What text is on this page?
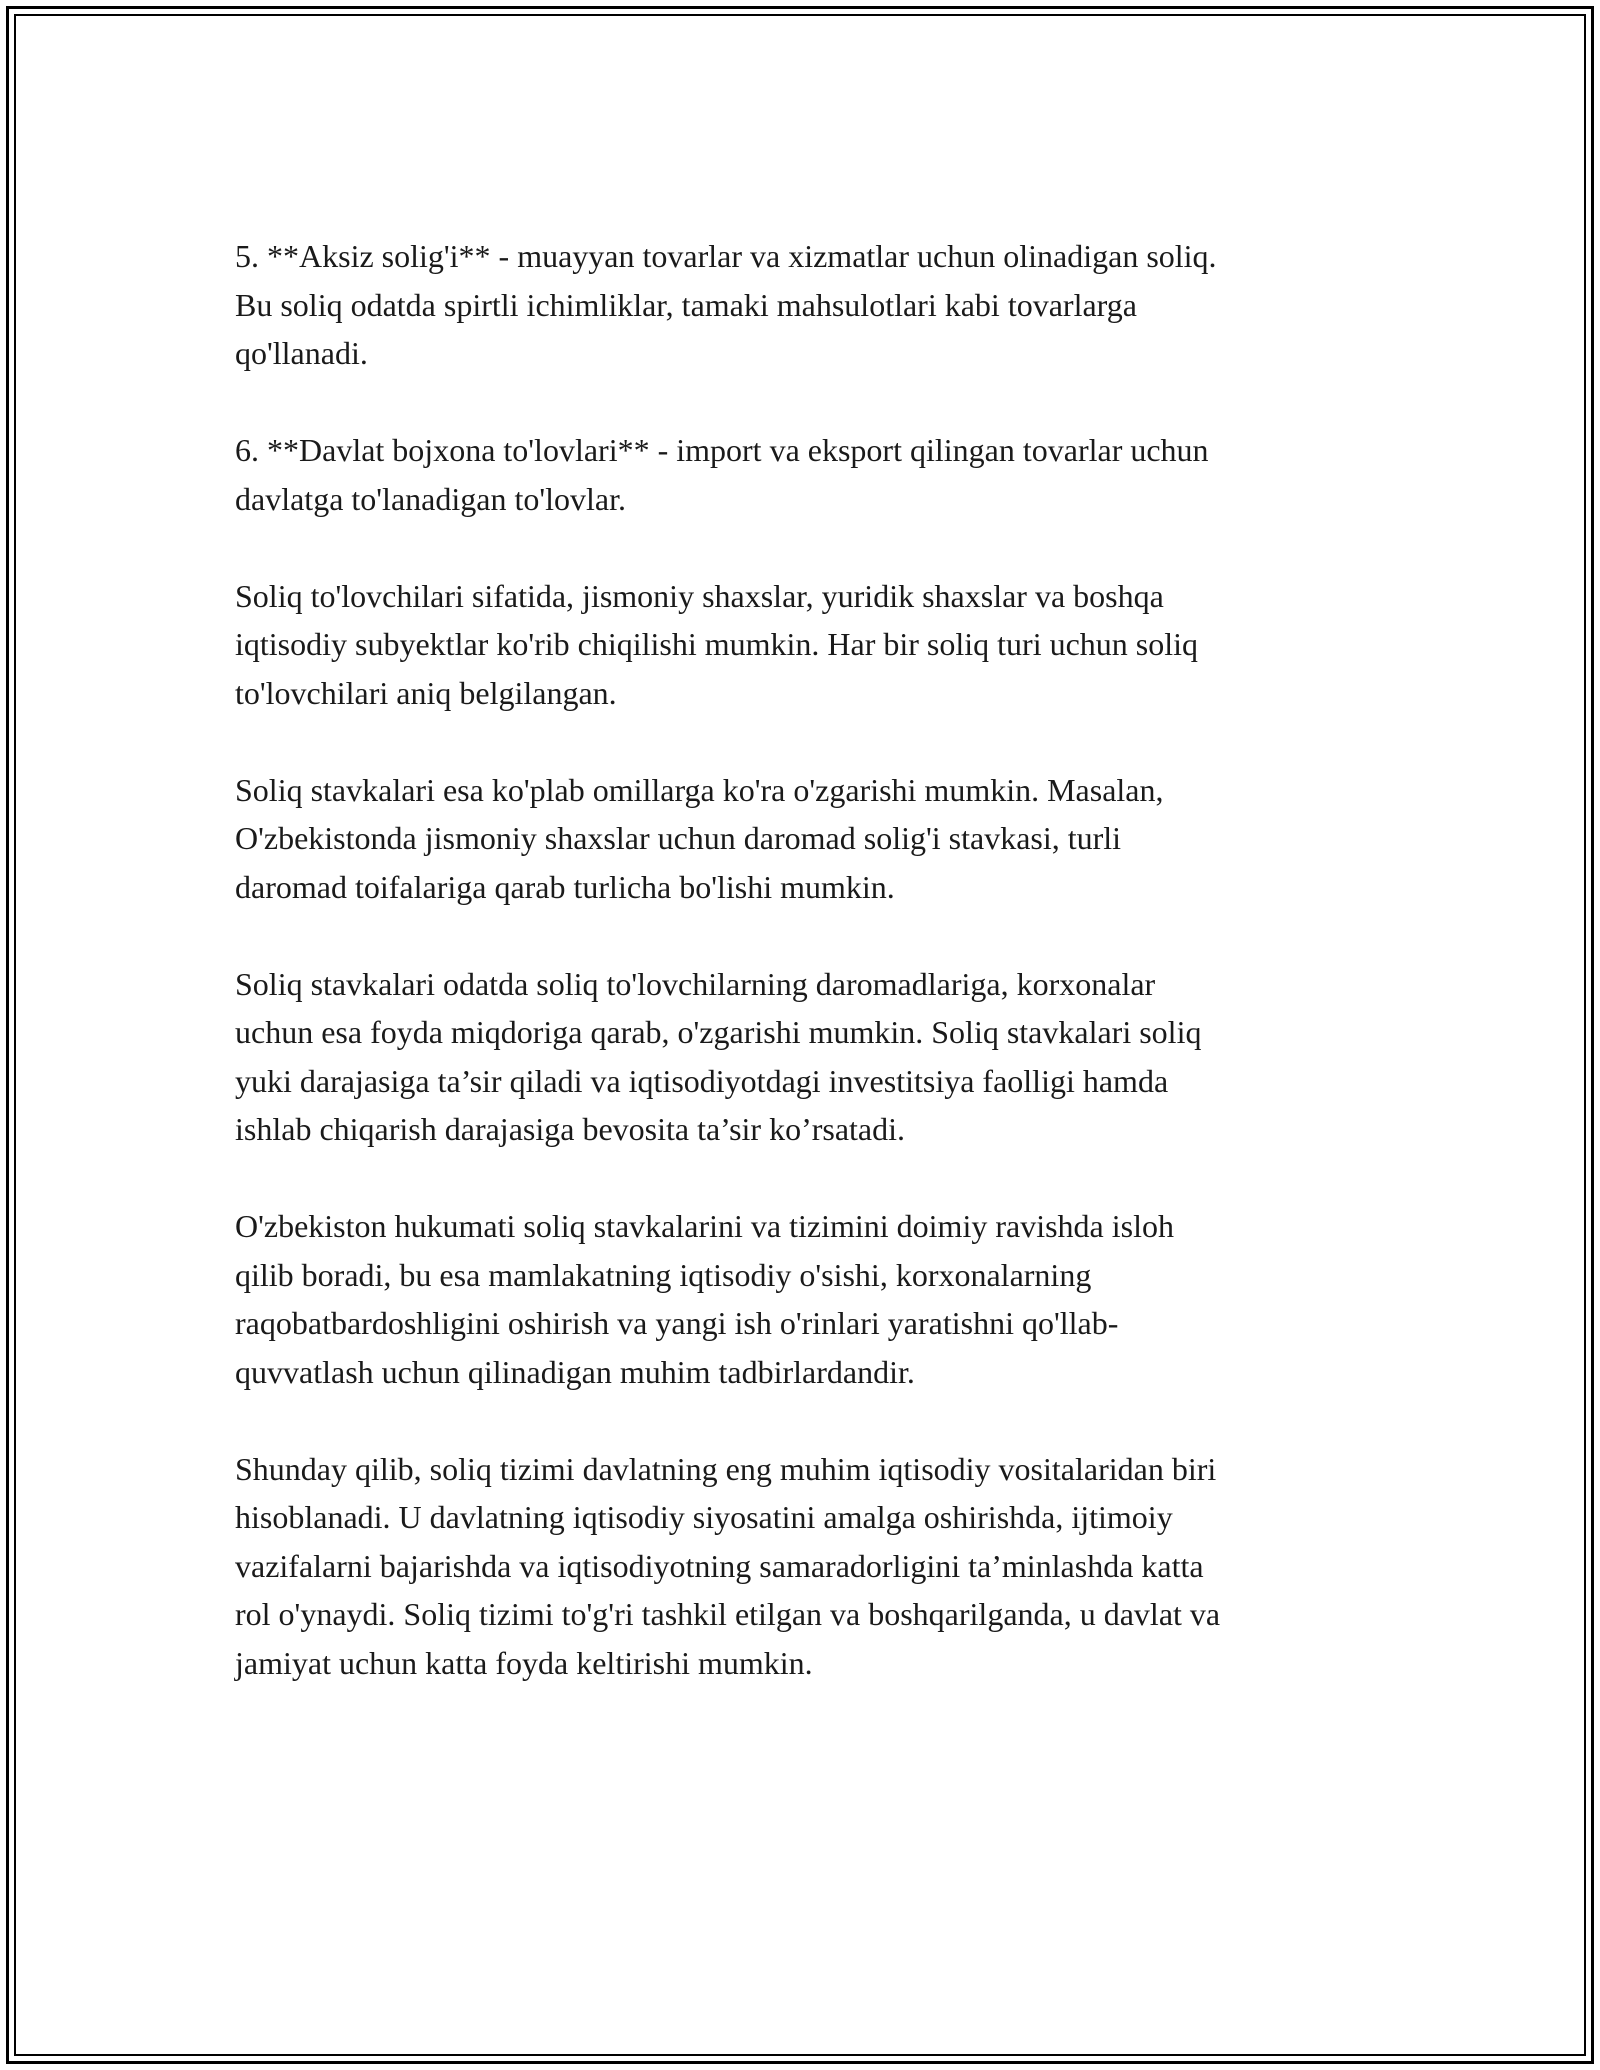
5. **Aksiz solig'i** - muayyan tovarlar va xizmatlar uchun olinadigan soliq.
Bu soliq odatda spirtli ichimliklar, tamaki mahsulotlari kabi tovarlarga
qo'llanadi.

6. **Davlat bojxona to'lovlari** - import va eksport qilingan tovarlar uchun
davlatga to'lanadigan to'lovlar.

Soliq to'lovchilari sifatida, jismoniy shaxslar, yuridik shaxslar va boshqa
iqtisodiy subyektlar ko'rib chiqilishi mumkin. Har bir soliq turi uchun soliq
to'lovchilari aniq belgilangan.

Soliq stavkalari esa ko'plab omillarga ko'ra o'zgarishi mumkin. Masalan,
O'zbekistonda jismoniy shaxslar uchun daromad solig'i stavkasi, turli
daromad toifalariga qarab turlicha bo'lishi mumkin.

Soliq stavkalari odatda soliq to'lovchilarning daromadlariga, korxonalar
uchun esa foyda miqdoriga qarab, o'zgarishi mumkin. Soliq stavkalari soliq
yuki darajasiga ta’sir qiladi va iqtisodiyotdagi investitsiya faolligi hamda
ishlab chiqarish darajasiga bevosita ta’sir ko’rsatadi.

O'zbekiston hukumati soliq stavkalarini va tizimini doimiy ravishda isloh
qilib boradi, bu esa mamlakatning iqtisodiy o'sishi, korxonalarning
raqobatbardoshligini oshirish va yangi ish o'rinlari yaratishni qo'llab-
quvvatlash uchun qilinadigan muhim tadbirlardandir.

Shunday qilib, soliq tizimi davlatning eng muhim iqtisodiy vositalaridan biri
hisoblanadi. U davlatning iqtisodiy siyosatini amalga oshirishda, ijtimoiy
vazifalarni bajarishda va iqtisodiyotning samaradorligini ta’minlashda katta
rol o'ynaydi. Soliq tizimi to'g'ri tashkil etilgan va boshqarilganda, u davlat va
jamiyat uchun katta foyda keltirishi mumkin.
